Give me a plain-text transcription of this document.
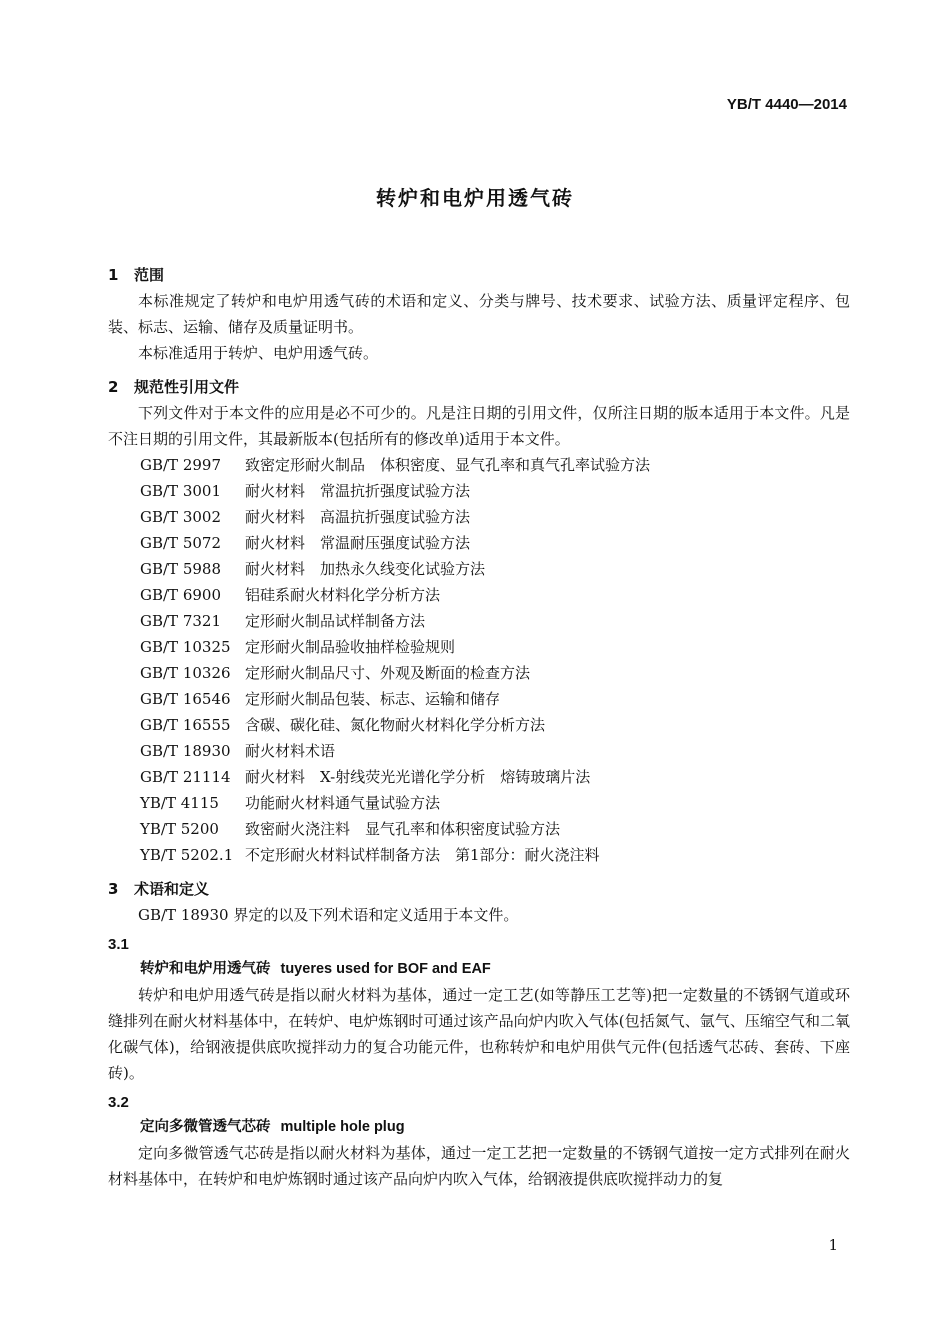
YB/T 4440—2014
转炉和电炉用透气砖
1 范围

本标准规定了转炉和电炉用透气砖的术语和定义、分类与牌号、技术要求、试验方法、质量评定程序、包装、标志、运输、储存及质量证明书。

本标准适用于转炉、电炉用透气砖。

2 规范性引用文件

下列文件对于本文件的应用是必不可少的。凡是注日期的引用文件，仅所注日期的版本适用于本文件。凡是不注日期的引用文件，其最新版本(包括所有的修改单)适用于本文件。

GB/T 2997 致密定形耐火制品　体积密度、显气孔率和真气孔率试验方法
GB/T 3001 耐火材料　常温抗折强度试验方法
GB/T 3002 耐火材料　高温抗折强度试验方法
GB/T 5072 耐火材料　常温耐压强度试验方法
GB/T 5988 耐火材料　加热永久线变化试验方法
GB/T 6900 铝硅系耐火材料化学分析方法
GB/T 7321 定形耐火制品试样制备方法
GB/T 10325 定形耐火制品验收抽样检验规则
GB/T 10326 定形耐火制品尺寸、外观及断面的检查方法
GB/T 16546 定形耐火制品包装、标志、运输和储存
GB/T 16555 含碳、碳化硅、氮化物耐火材料化学分析方法
GB/T 18930 耐火材料术语
GB/T 21114 耐火材料　X-射线荧光光谱化学分析　熔铸玻璃片法
YB/T 4115 功能耐火材料通气量试验方法
YB/T 5200 致密耐火浇注料　显气孔率和体积密度试验方法
YB/T 5202.1 不定形耐火材料试样制备方法　第1部分：耐火浇注料
3 术语和定义

GB/T 18930 界定的以及下列术语和定义适用于本文件。

3.1
转炉和电炉用透气砖 tuyeres used for BOF and EAF

转炉和电炉用透气砖是指以耐火材料为基体，通过一定工艺(如等静压工艺等)把一定数量的不锈钢气道或环缝排列在耐火材料基体中，在转炉、电炉炼钢时可通过该产品向炉内吹入气体(包括氮气、氩气、压缩空气和二氧化碳气体)，给钢液提供底吹搅拌动力的复合功能元件，也称转炉和电炉用供气元件(包括透气芯砖、套砖、下座砖)。

3.2
定向多微管透气芯砖 multiple hole plug

定向多微管透气芯砖是指以耐火材料为基体，通过一定工艺把一定数量的不锈钢气道按一定方式排列在耐火材料基体中，在转炉和电炉炼钢时通过该产品向炉内吹入气体，给钢液提供底吹搅拌动力的复

1
